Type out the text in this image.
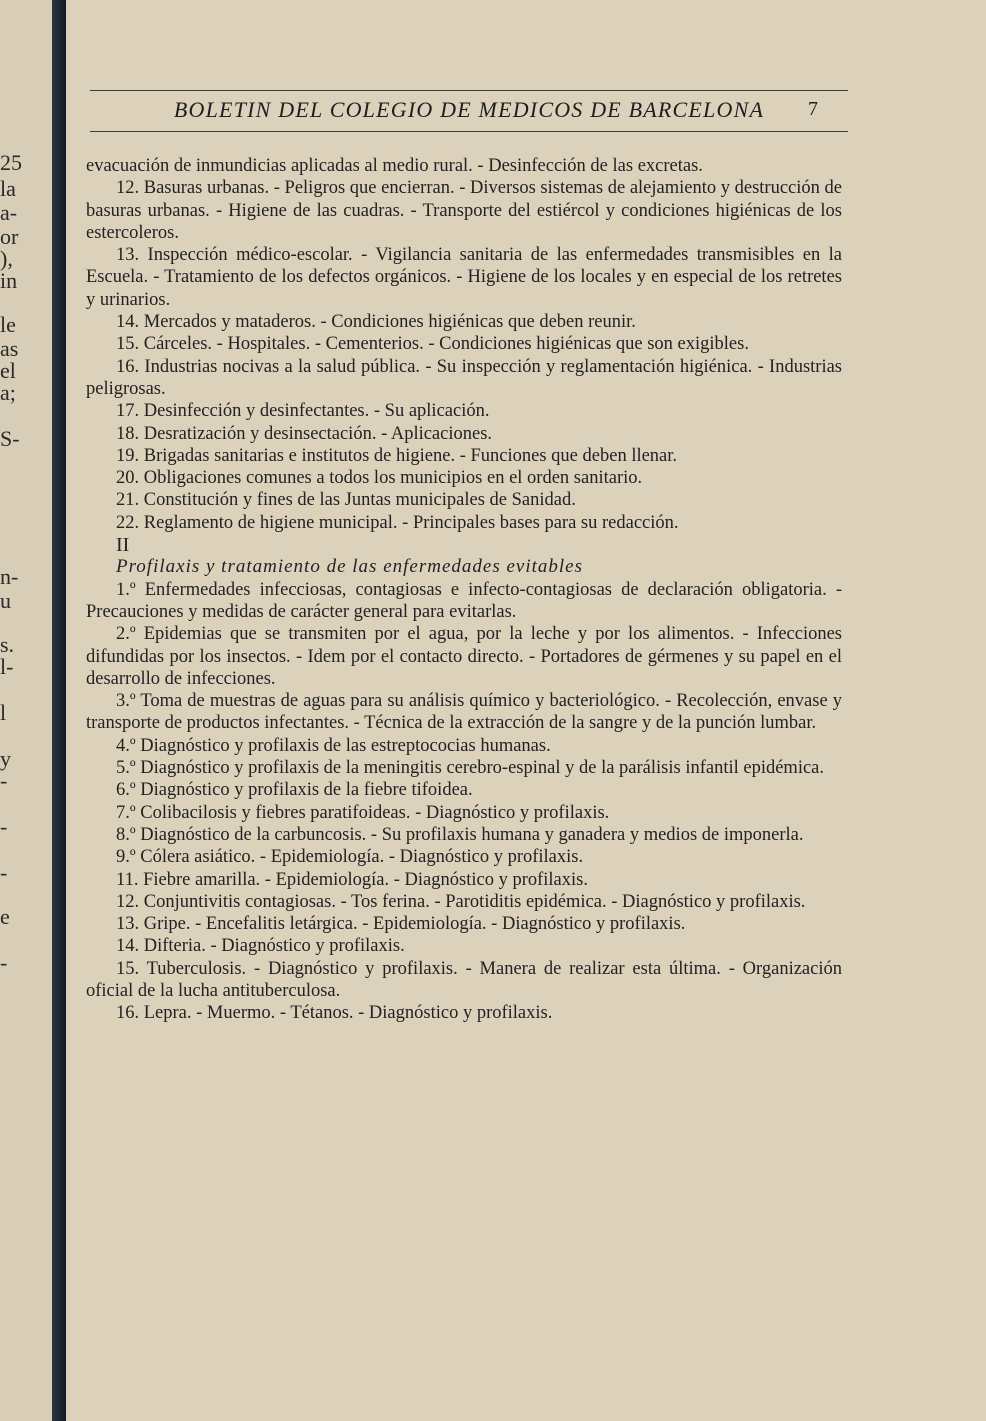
25
la
a-
or
),
in
le
as
el
a;
S-
n-
u
s.
l-
l
y
-
-
-
e
-
BOLETIN DEL COLEGIO DE MEDICOS DE BARCELONA	7

evacuación de inmundicias aplicadas al medio rural. - Desinfección de las excretas.

12. Basuras urbanas. - Peligros que encierran. - Diversos sistemas de alejamiento y destrucción de basuras urbanas. - Higiene de las cuadras. - Transporte del estiércol y condiciones higiénicas de los estercoleros.

13. Inspección médico-escolar. - Vigilancia sanitaria de las enfermedades transmisibles en la Escuela. - Tratamiento de los defectos orgánicos. - Higiene de los locales y en especial de los retretes y urinarios.

14. Mercados y mataderos. - Condiciones higiénicas que deben reunir.

15. Cárceles. - Hospitales. - Cementerios. - Condiciones higiénicas que son exigibles.

16. Industrias nocivas a la salud pública. - Su inspección y reglamentación higiénica. - Industrias peligrosas.

17. Desinfección y desinfectantes. - Su aplicación.

18. Desratización y desinsectación. - Aplicaciones.

19. Brigadas sanitarias e institutos de higiene. - Funciones que deben llenar.

20. Obligaciones comunes a todos los municipios en el orden sanitario.

21. Constitución y fines de las Juntas municipales de Sanidad.

22. Reglamento de higiene municipal. - Principales bases para su redacción.

II

Profilaxis y tratamiento de las enfermedades evitables

1.º Enfermedades infecciosas, contagiosas e infecto-contagiosas de declaración obligatoria. - Precauciones y medidas de carácter general para evitarlas.

2.º Epidemias que se transmiten por el agua, por la leche y por los alimentos. - Infecciones difundidas por los insectos. - Idem por el contacto directo. - Portadores de gérmenes y su papel en el desarrollo de infecciones.

3.º Toma de muestras de aguas para su análisis químico y bacteriológico. - Recolección, envase y transporte de productos infectantes. - Técnica de la extracción de la sangre y de la punción lumbar.

4.º Diagnóstico y profilaxis de las estreptococias humanas.

5.º Diagnóstico y profilaxis de la meningitis cerebro-espinal y de la parálisis infantil epidémica.

6.º Diagnóstico y profilaxis de la fiebre tifoidea.

7.º Colibacilosis y fiebres paratifoideas. - Diagnóstico y profilaxis.

8.º Diagnóstico de la carbuncosis. - Su profilaxis humana y ganadera y medios de imponerla.

9.º Cólera asiático. - Epidemiología. - Diagnóstico y profilaxis.

11. Fiebre amarilla. - Epidemiología. - Diagnóstico y profilaxis.

12. Conjuntivitis contagiosas. - Tos ferina. - Parotiditis epidémica. - Diagnóstico y profilaxis.

13. Gripe. - Encefalitis letárgica. - Epidemiología. - Diagnóstico y profilaxis.

14. Difteria. - Diagnóstico y profilaxis.

15. Tuberculosis. - Diagnóstico y profilaxis. - Manera de realizar esta última. - Organización oficial de la lucha antituberculosa.

16. Lepra. - Muermo. - Tétanos. - Diagnóstico y profilaxis.
